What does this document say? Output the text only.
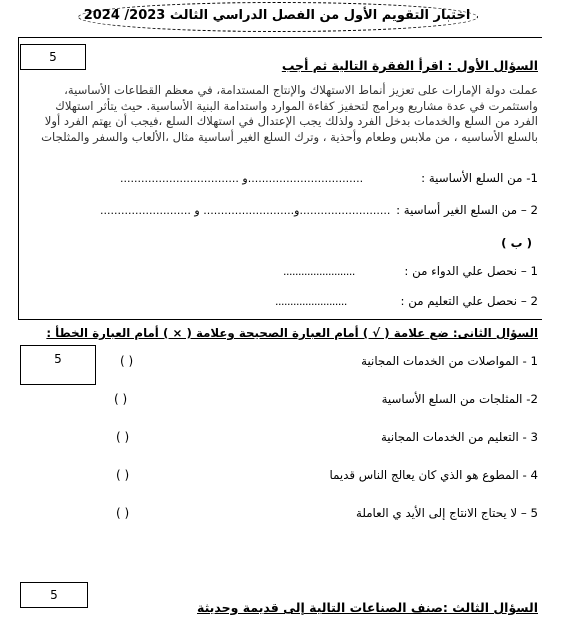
اختبار التقويم الأول من الفصل الدراسي الثالث 2023/ 2024
5
السؤال الأول : اقرأ الفقرة التالية ثم أجب
عملت دولة الإمارات على تعزيز أنماط الاستهلاك والإنتاج المستدامة، في معظم القطاعات الأساسية،
واستثمرت في عدة مشاريع وبرامج لتحفيز كفاءة الموارد واستدامة البنية الأساسية. حيث يتأثر استهلاك
الفرد من السلع والخدمات بدخل الفرد ولذلك يجب الإعتدال في استهلاك السلع ،فيجب أن يهتم الفرد أولا
بالسلع الأساسيه ، من ملابس وطعام وأحذية ، وترك السلع الغير أساسية مثال ،الألعاب والسفر والمثلجات
1- من السلع الأساسية :
.................................. و.................................
2 – من السلع الغير أساسية :
.......................... و.......................... و..........................
( ب )
1 – نحصل علي الدواء من :
........................
2 – نحصل علي التعليم من :
........................
السؤال الثانى: ضع علامة ( √ ) أمام العبارة الصحيحة وعلامة ( × ) أمام العبارة الخطأ :
5	1 - المواصلات من الخدمات المجانية
( )
2- المثلجات من السلع الأساسية
( )
3 - التعليم من الخدمات المجانية
( )
4 - المطوع هو الذي كان يعالج الناس قديما
( )
5 – لا يحتاج الانتاج إلى الأيد ي العاملة
( )
5
السؤال الثالث :صنف الصناعات التالية إلى قديمة وحديثة
